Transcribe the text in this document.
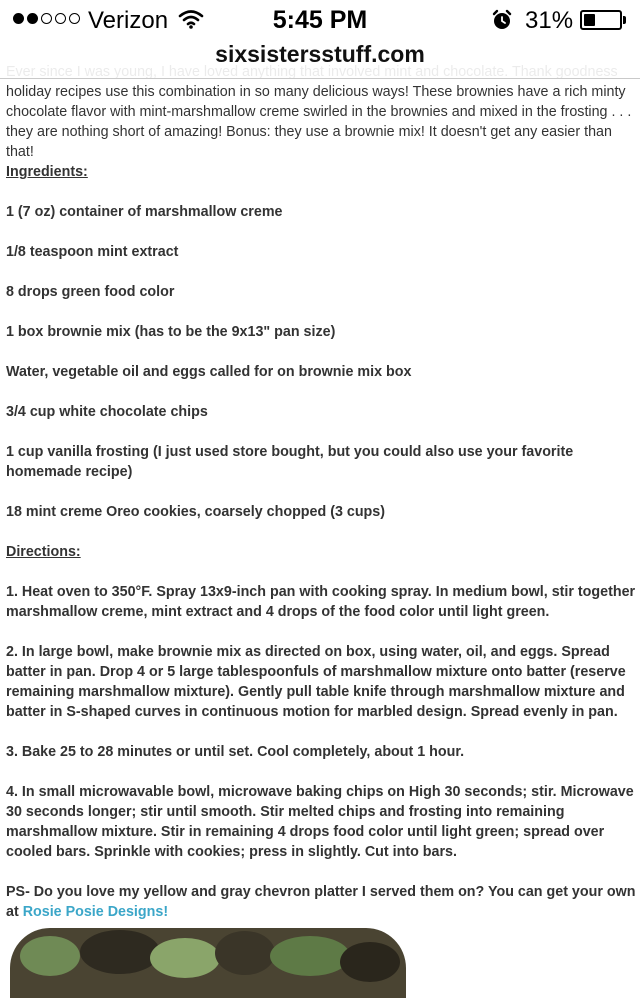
Verizon	5:45 PM	31%
sixsistersstuff.com

holiday recipes use this combination in so many delicious ways! These brownies have a rich minty chocolate flavor with mint-marshmallow creme swirled in the brownies and mixed in the frosting . . . they are nothing short of amazing! Bonus: they use a brownie mix! It doesn't get any easier than that!

Ingredients:

1 (7 oz) container of marshmallow creme

1/8 teaspoon mint extract

8 drops green food color

1 box brownie mix (has to be the 9x13" pan size)

Water, vegetable oil and eggs called for on brownie mix box

3/4 cup white chocolate chips

1 cup vanilla frosting (I just used store bought, but you could also use your favorite homemade recipe)

18 mint creme Oreo cookies, coarsely chopped (3 cups)

Directions:

1. Heat oven to 350°F. Spray 13x9-inch pan with cooking spray. In medium bowl, stir together marshmallow creme, mint extract and 4 drops of the food color until light green.

2. In large bowl, make brownie mix as directed on box, using water, oil, and eggs. Spread batter in pan. Drop 4 or 5 large tablespoonfuls of marshmallow mixture onto batter (reserve remaining marshmallow mixture). Gently pull table knife through marshmallow mixture and batter in S-shaped curves in continuous motion for marbled design. Spread evenly in pan.

3. Bake 25 to 28 minutes or until set. Cool completely, about 1 hour.

4. In small microwavable bowl, microwave baking chips on High 30 seconds; stir. Microwave 30 seconds longer; stir until smooth. Stir melted chips and frosting into remaining marshmallow mixture. Stir in remaining 4 drops food color until light green; spread over cooled bars. Sprinkle with cookies; press in slightly. Cut into bars.

PS- Do you love my yellow and gray chevron platter I served them on? You can get your own at Rosie Posie Designs!
